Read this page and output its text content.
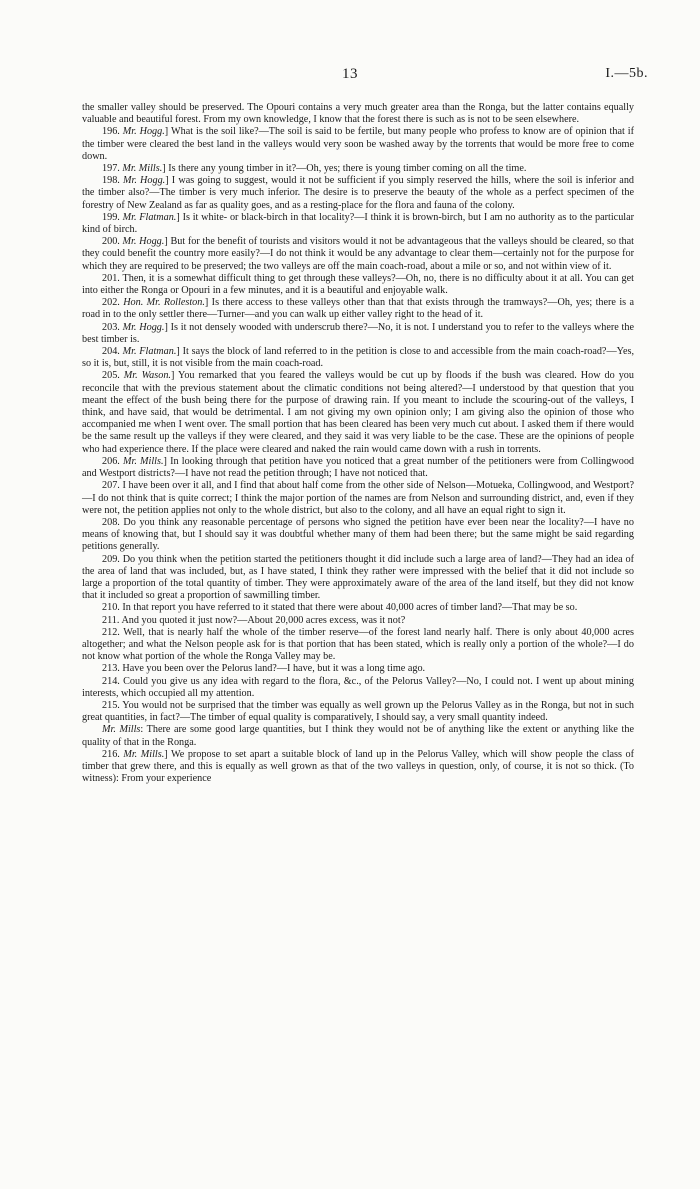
13	I.—5b.

the smaller valley should be preserved. The Opouri contains a very much greater area than the Ronga, but the latter contains equally valuable and beautiful forest. From my own knowledge, I know that the forest there is such as is not to be seen elsewhere.

196. Mr. Hogg.] What is the soil like?—The soil is said to be fertile, but many people who profess to know are of opinion that if the timber were cleared the best land in the valleys would very soon be washed away by the torrents that would be more free to come down.

197. Mr. Mills.] Is there any young timber in it?—Oh, yes; there is young timber coming on all the time.

198. Mr. Hogg.] I was going to suggest, would it not be sufficient if you simply reserved the hills, where the soil is inferior and the timber also?—The timber is very much inferior. The desire is to preserve the beauty of the whole as a perfect specimen of the forestry of New Zealand as far as quality goes, and as a resting-place for the flora and fauna of the colony.

199. Mr. Flatman.] Is it white- or black-birch in that locality?—I think it is brown-birch, but I am no authority as to the particular kind of birch.

200. Mr. Hogg.] But for the benefit of tourists and visitors would it not be advantageous that the valleys should be cleared, so that they could benefit the country more easily?—I do not think it would be any advantage to clear them—certainly not for the purpose for which they are required to be preserved; the two valleys are off the main coach-road, about a mile or so, and not within view of it.

201. Then, it is a somewhat difficult thing to get through these valleys?—Oh, no, there is no difficulty about it at all. You can get into either the Ronga or Opouri in a few minutes, and it is a beautiful and enjoyable walk.

202. Hon. Mr. Rolleston.] Is there access to these valleys other than that that exists through the tramways?—Oh, yes; there is a road in to the only settler there—Turner—and you can walk up either valley right to the head of it.

203. Mr. Hogg.] Is it not densely wooded with underscrub there?—No, it is not. I understand you to refer to the valleys where the best timber is.

204. Mr. Flatman.] It says the block of land referred to in the petition is close to and accessible from the main coach-road?—Yes, so it is, but, still, it is not visible from the main coach-road.

205. Mr. Wason.] You remarked that you feared the valleys would be cut up by floods if the bush was cleared. How do you reconcile that with the previous statement about the climatic conditions not being altered?—I understood by that question that you meant the effect of the bush being there for the purpose of drawing rain. If you meant to include the scouring-out of the valleys, I think, and have said, that would be detrimental. I am not giving my own opinion only; I am giving also the opinion of those who accompanied me when I went over. The small portion that has been cleared has been very much cut about. I asked them if there would be the same result up the valleys if they were cleared, and they said it was very liable to be the case. These are the opinions of people who had experience there. If the place were cleared and naked the rain would came down with a rush in torrents.

206. Mr. Mills.] In looking through that petition have you noticed that a great number of the petitioners were from Collingwood and Westport districts?—I have not read the petition through; I have not noticed that.

207. I have been over it all, and I find that about half come from the other side of Nelson—Motueka, Collingwood, and Westport?—I do not think that is quite correct; I think the major portion of the names are from Nelson and surrounding district, and, even if they were not, the petition applies not only to the whole district, but also to the colony, and all have an equal right to sign it.

208. Do you think any reasonable percentage of persons who signed the petition have ever been near the locality?—I have no means of knowing that, but I should say it was doubtful whether many of them had been there; but the same might be said regarding petitions generally.

209. Do you think when the petition started the petitioners thought it did include such a large area of land?—They had an idea of the area of land that was included, but, as I have stated, I think they rather were impressed with the belief that it did not include so large a proportion of the total quantity of timber. They were approximately aware of the area of the land itself, but they did not know that it included so great a proportion of sawmilling timber.

210. In that report you have referred to it stated that there were about 40,000 acres of timber land?—That may be so.

211. And you quoted it just now?—About 20,000 acres excess, was it not?

212. Well, that is nearly half the whole of the timber reserve—of the forest land nearly half. There is only about 40,000 acres altogether; and what the Nelson people ask for is that portion that has been stated, which is really only a portion of the whole?—I do not know what portion of the whole the Ronga Valley may be.

213. Have you been over the Pelorus land?—I have, but it was a long time ago.

214. Could you give us any idea with regard to the flora, &c., of the Pelorus Valley?—No, I could not. I went up about mining interests, which occupied all my attention.

215. You would not be surprised that the timber was equally as well grown up the Pelorus Valley as in the Ronga, but not in such great quantities, in fact?—The timber of equal quality is comparatively, I should say, a very small quantity indeed.

Mr. Mills: There are some good large quantities, but I think they would not be of anything like the extent or anything like the quality of that in the Ronga.

216. Mr. Mills.] We propose to set apart a suitable block of land up in the Pelorus Valley, which will show people the class of timber that grew there, and this is equally as well grown as that of the two valleys in question, only, of course, it is not so thick. (To witness): From your experience
